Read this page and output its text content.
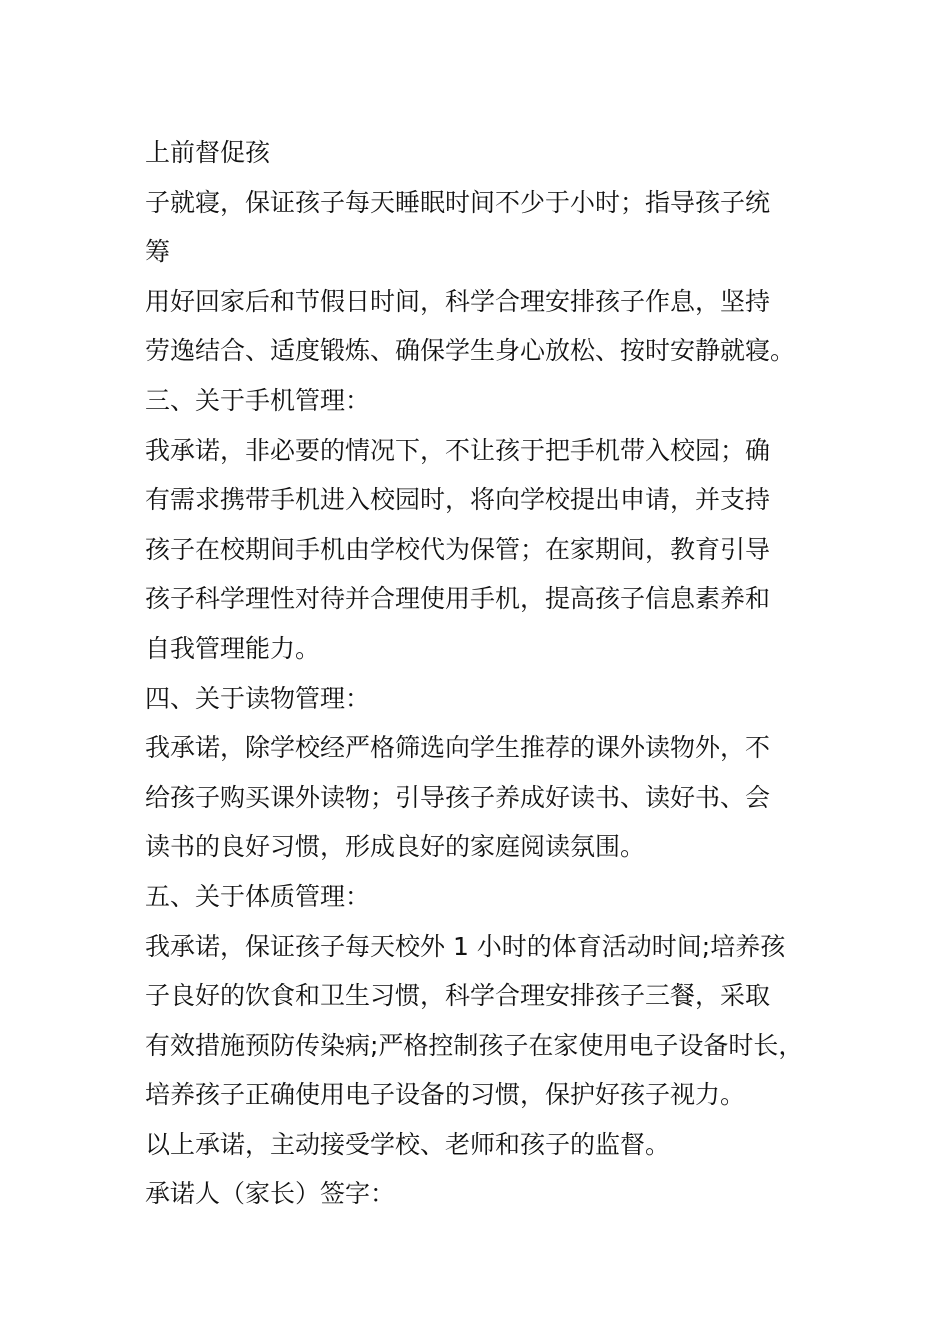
上前督促孩
子就寝，保证孩子每天睡眠时间不少于小时；指导孩子统
筹
用好回家后和节假日时间，科学合理安排孩子作息，坚持
劳逸结合、适度锻炼、确保学生身心放松、按时安静就寝。
三、关于手机管理：
我承诺，非必要的情况下，不让孩于把手机带入校园；确
有需求携带手机进入校园时，将向学校提出申请，并支持
孩子在校期间手机由学校代为保管；在家期间，教育引导
孩子科学理性对待并合理使用手机，提高孩子信息素养和
自我管理能力。
四、关于读物管理：
我承诺，除学校经严格筛选向学生推荐的课外读物外，不
给孩子购买课外读物；引导孩子养成好读书、读好书、会
读书的良好习惯，形成良好的家庭阅读氛围。
五、关于体质管理：
我承诺，保证孩子每天校外 1 小时的体育活动时间;培养孩
子良好的饮食和卫生习惯，科学合理安排孩子三餐，采取
有效措施预防传染病;严格控制孩子在家使用电子设备时长，
培养孩子正确使用电子设备的习惯，保护好孩子视力。
以上承诺，主动接受学校、老师和孩子的监督。
承诺人（家长）签字：
